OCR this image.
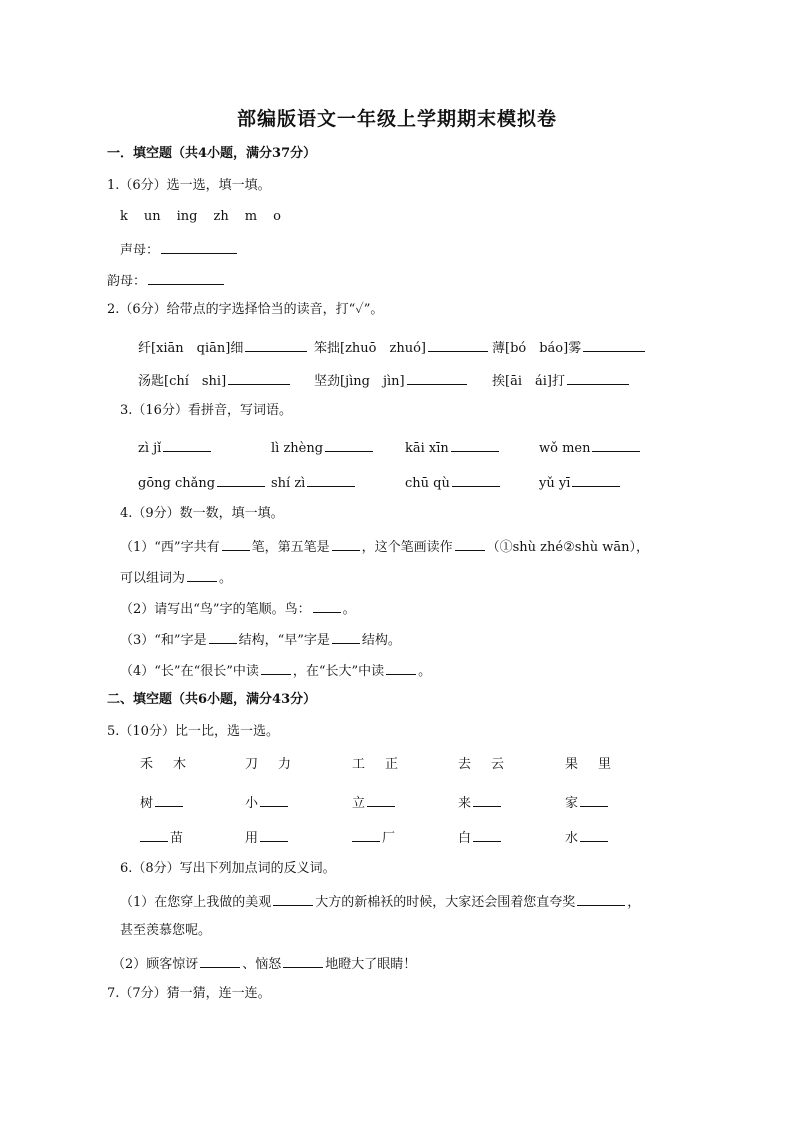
部编版语文一年级上学期期末模拟卷
一．填空题（共4小题，满分37分）
1.（6分）选一选，填一填。
k un ing zh m o
声母：
韵母：
2.（6分）给带点的字选择恰当的读音，打“✓”。
纤[xiān　qiān]细	笨拙[zhuō　zhuó]	薄[bó　báo]雾
汤匙[chí　shi]	坚劲[jìng　jìn]	挨[āi　ái]打
3.（16分）看拼音，写词语。
zì jǐ	lì zhèng	kāi xīn	wǒ men
gōng chǎng	shí zì	chū qù	yǔ yī
4.（9分）数一数，填一填。
（1）“西”字共有 笔，第五笔是 ，这个笔画读作	（①shù zhé②shù wān），
可以组词为	。
（2）请写出“鸟”字的笔顺。鸟： 。
（3）“和”字是 结构，“早”字是 结构。
（4）“长”在“很长”中读	，在“长大”中读	。
二、填空题（共6小题，满分43分）
5.（10分）比一比，选一选。
禾 木	刀 力	工 正	去 云	果 里
树	小	立	来	家
苗	用	厂	白	水
6.（8分）写出下列加点词的反义词。
（1）在您穿上我做的美观	大方的新棉袄的时候，大家还会围着您直夸奖	，
甚至羡慕您呢。
（2）顾客惊讶	、恼怒	地瞪大了眼睛！
7.（7分）猜一猜，连一连。
